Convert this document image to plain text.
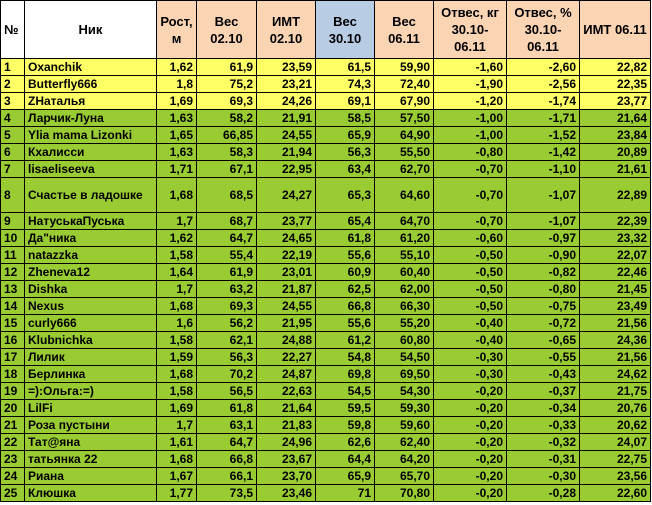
№	Ник	Рост, м	Вес 02.10	ИМТ 02.10	Вес 30.10	Вес 06.11	Отвес, кг 30.10-06.11	Отвес, % 30.10-06.11	ИМТ 06.11
1	Oxanchik	1,62	61,9	23,59	61,5	59,90	-1,60	-2,60	22,82
2	Butterfly666	1,8	75,2	23,21	74,3	72,40	-1,90	-2,56	22,35
3	ZНаталья	1,69	69,3	24,26	69,1	67,90	-1,20	-1,74	23,77
4	Ларчик-Луна	1,63	58,2	21,91	58,5	57,50	-1,00	-1,71	21,64
5	Ylia mama Lizonki	1,65	66,85	24,55	65,9	64,90	-1,00	-1,52	23,84
6	Кхалисси	1,63	58,3	21,94	56,3	55,50	-0,80	-1,42	20,89
7	lisaeliseeva	1,71	67,1	22,95	63,4	62,70	-0,70	-1,10	21,61
8	Счастье в ладошке	1,68	68,5	24,27	65,3	64,60	-0,70	-1,07	22,89
9	НатуськаПуська	1,7	68,7	23,77	65,4	64,70	-0,70	-1,07	22,39
10	Да"ника	1,62	64,7	24,65	61,8	61,20	-0,60	-0,97	23,32
11	natazzka	1,58	55,4	22,19	55,6	55,10	-0,50	-0,90	22,07
12	Zheneva12	1,64	61,9	23,01	60,9	60,40	-0,50	-0,82	22,46
13	Dishka	1,7	63,2	21,87	62,5	62,00	-0,50	-0,80	21,45
14	Nexus	1,68	69,3	24,55	66,8	66,30	-0,50	-0,75	23,49
15	curly666	1,6	56,2	21,95	55,6	55,20	-0,40	-0,72	21,56
16	Klubnichka	1,58	62,1	24,88	61,2	60,80	-0,40	-0,65	24,36
17	Лилик	1,59	56,3	22,27	54,8	54,50	-0,30	-0,55	21,56
18	Берлинка	1,68	70,2	24,87	69,8	69,50	-0,30	-0,43	24,62
19	=):Ольга:=)	1,58	56,5	22,63	54,5	54,30	-0,20	-0,37	21,75
20	LilFi	1,69	61,8	21,64	59,5	59,30	-0,20	-0,34	20,76
21	Роза пустыни	1,7	63,1	21,83	59,8	59,60	-0,20	-0,33	20,62
22	Тат@яна	1,61	64,7	24,96	62,6	62,40	-0,20	-0,32	24,07
23	татьянка 22	1,68	66,8	23,67	64,4	64,20	-0,20	-0,31	22,75
24	Риана	1,67	66,1	23,70	65,9	65,70	-0,20	-0,30	23,56
25	Клюшка	1,77	73,5	23,46	71	70,80	-0,20	-0,28	22,60
